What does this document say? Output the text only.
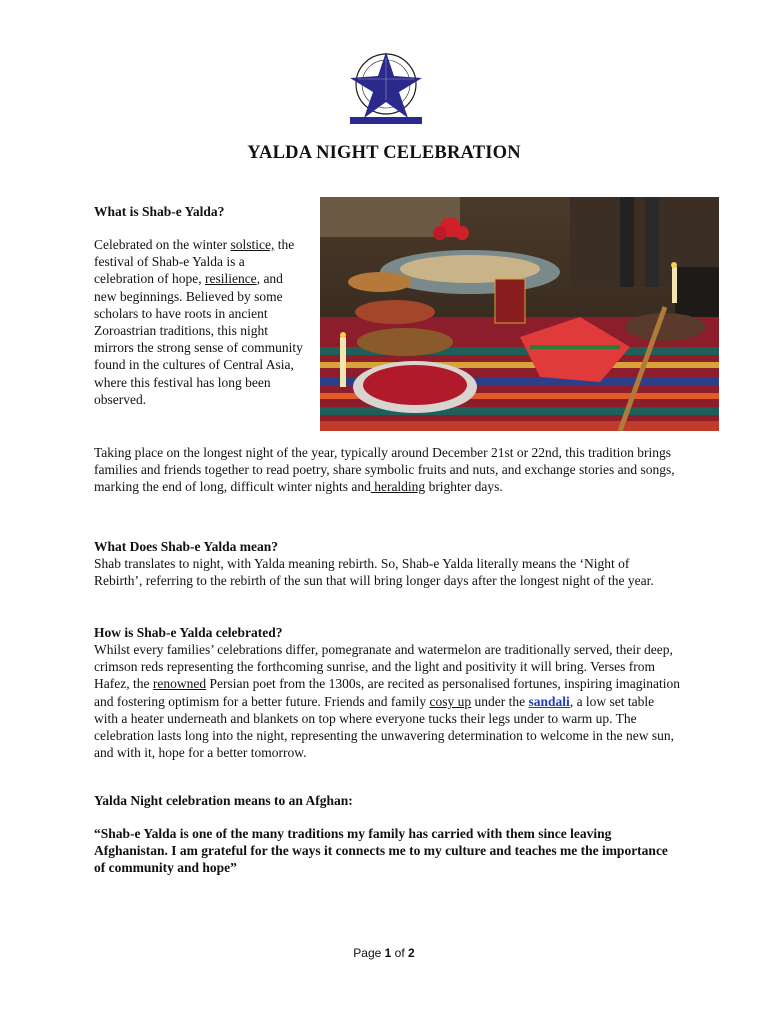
YALDA NIGHT CELEBRATION
What is Shab-e Yalda?

Celebrated on the winter solstice, the festival of Shab-e Yalda is a celebration of hope, resilience, and new beginnings. Believed by some scholars to have roots in ancient Zoroastrian traditions, this night mirrors the strong sense of community found in the cultures of Central Asia, where this festival has long been observed.

Taking place on the longest night of the year, typically around December 21st or 22nd, this tradition brings families and friends together to read poetry, share symbolic fruits and nuts, and exchange stories and songs, marking the end of long, difficult winter nights and heralding brighter days.

What Does Shab-e Yalda mean?

Shab translates to night, with Yalda meaning rebirth. So, Shab-e Yalda literally means the ‘Night of Rebirth’, referring to the rebirth of the sun that will bring longer days after the longest night of the year.

How is Shab-e Yalda celebrated?

Whilst every families’ celebrations differ, pomegranate and watermelon are traditionally served, their deep, crimson reds representing the forthcoming sunrise, and the light and positivity it will bring. Verses from Hafez, the renowned Persian poet from the 1300s, are recited as personalised fortunes, inspiring imagination and fostering optimism for a better future. Friends and family cosy up under the sandali, a low set table with a heater underneath and blankets on top where everyone tucks their legs under to warm up. The celebration lasts long into the night, representing the unwavering determination to welcome in the new sun, and with it, hope for a better tomorrow.

Yalda Night celebration means to an Afghan:

“Shab-e Yalda is one of the many traditions my family has carried with them since leaving Afghanistan. I am grateful for the ways it connects me to my culture and teaches me the importance of community and hope”

Page 1 of 2
